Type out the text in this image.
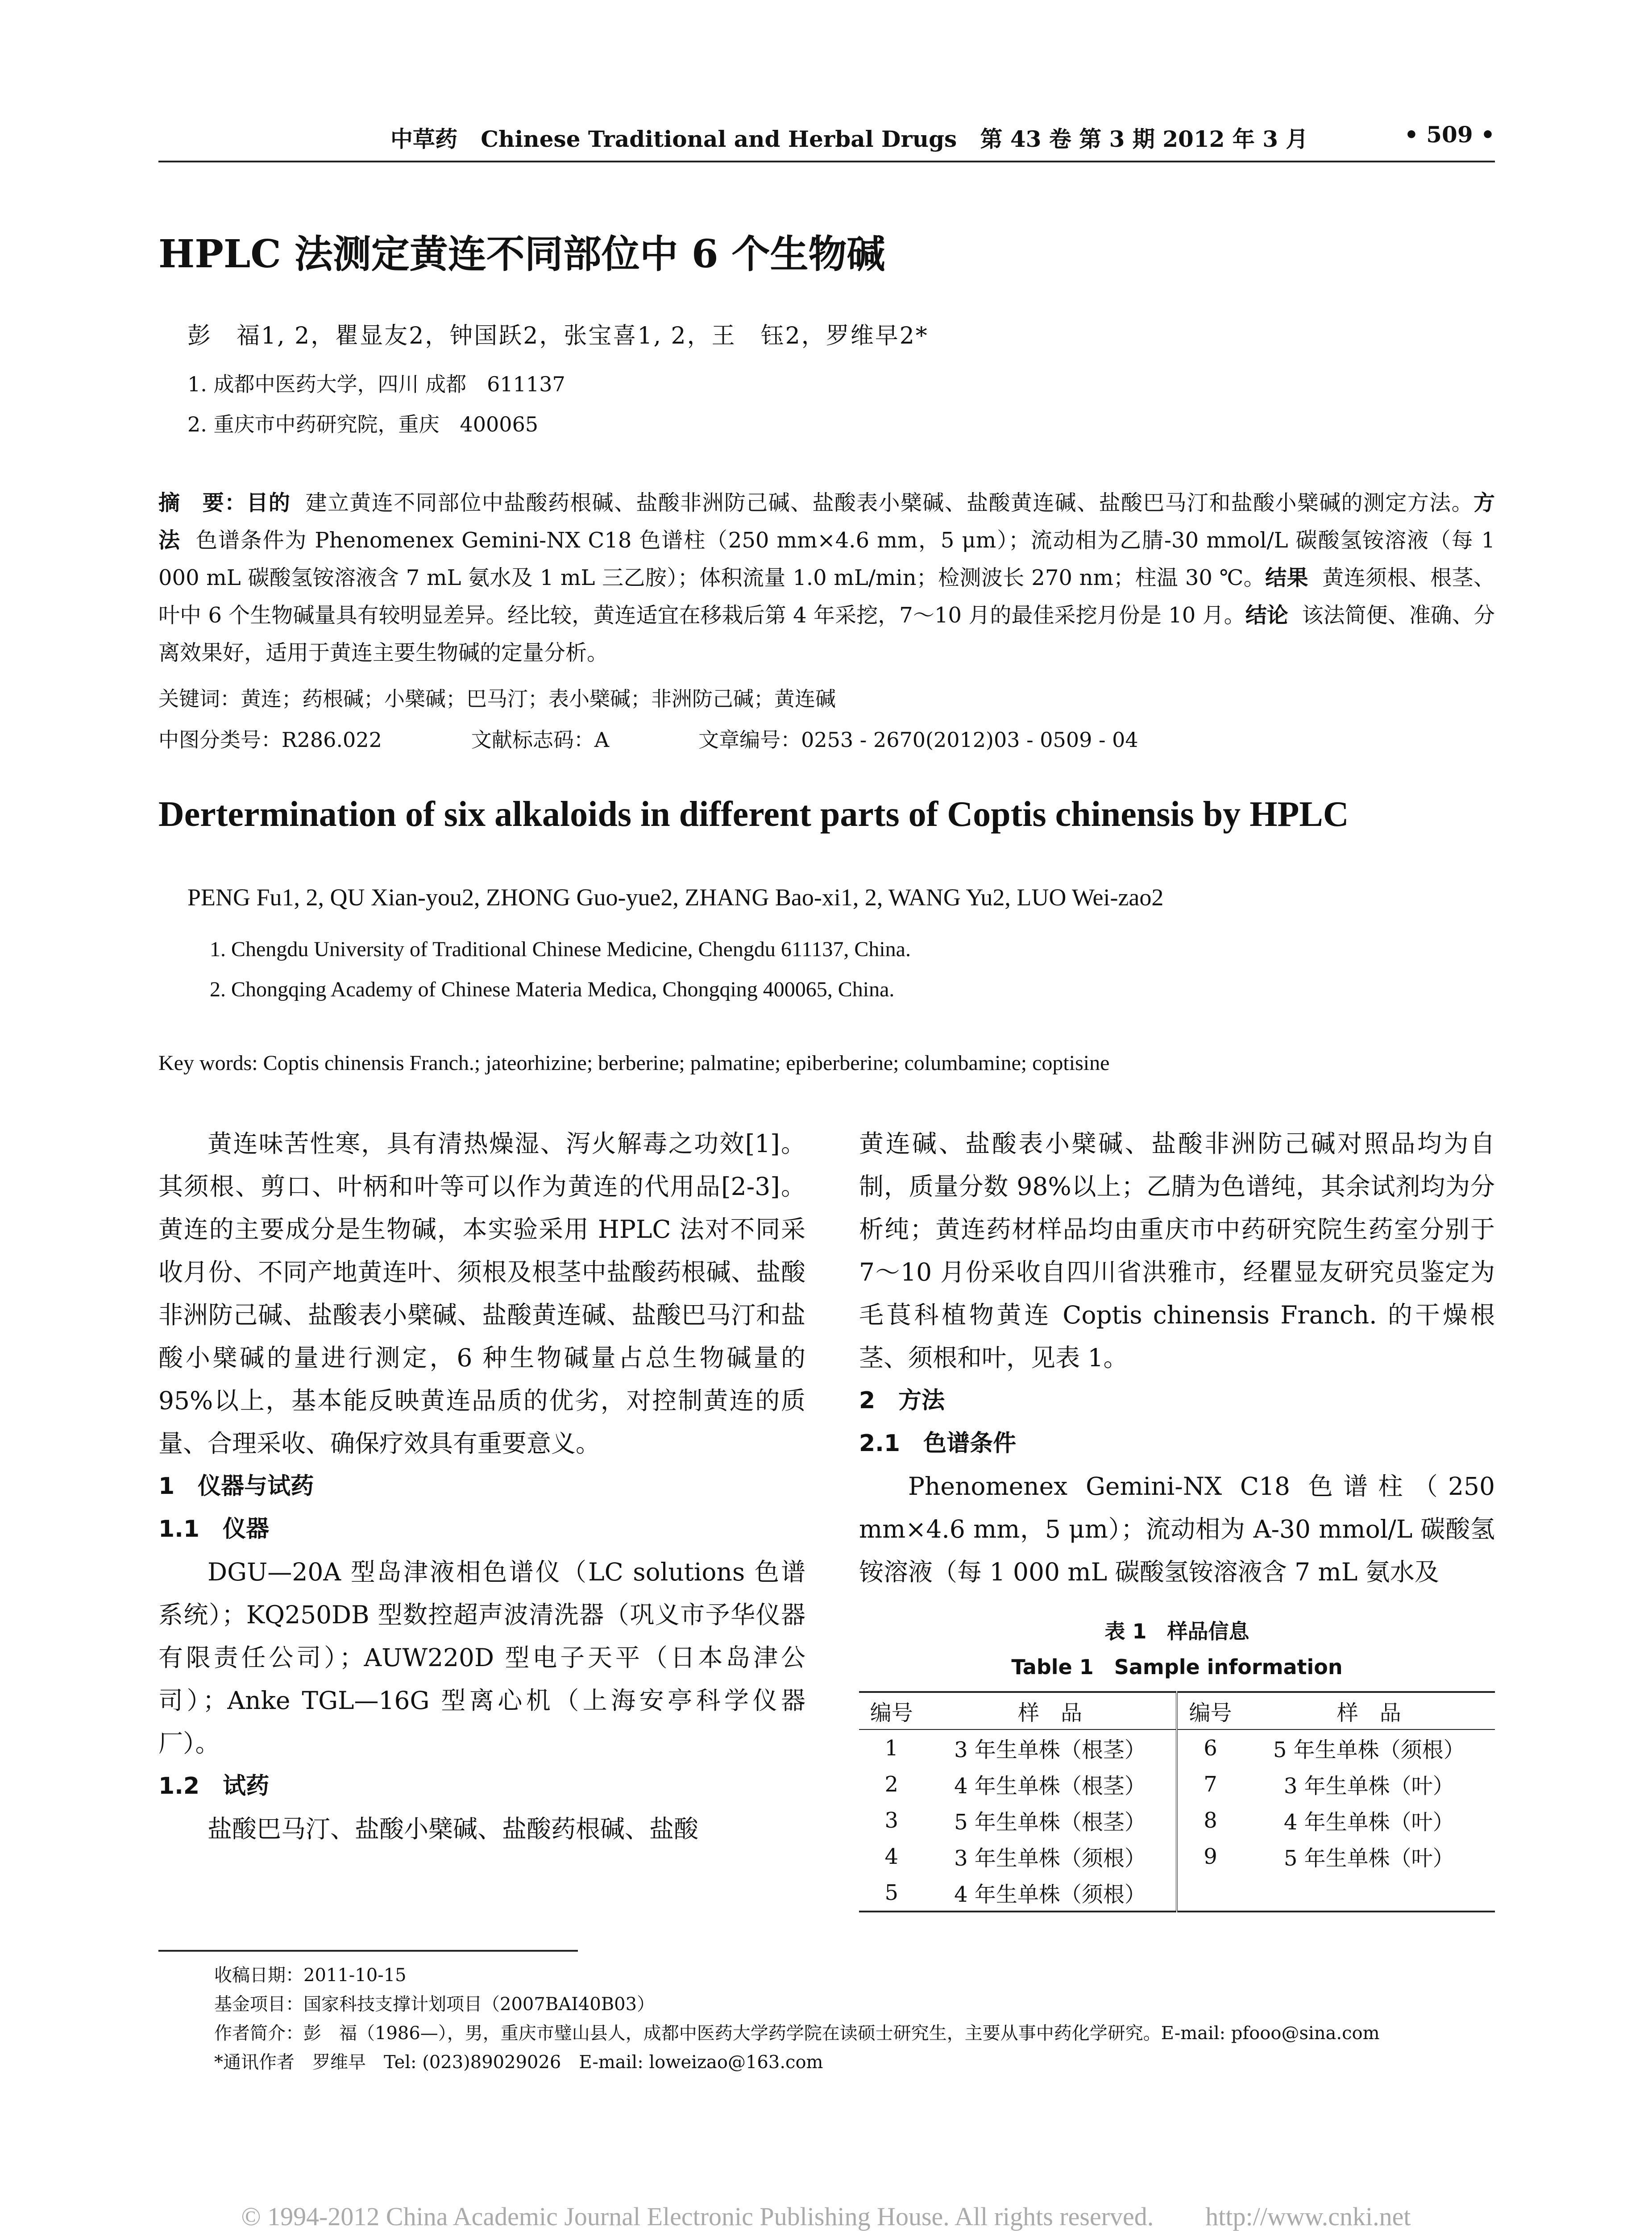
中草药 Chinese Traditional and Herbal Drugs 第 43 卷 第 3 期 2012 年 3 月	• 509 •
HPLC 法测定黄连不同部位中 6 个生物碱
彭　福1, 2，瞿显友2，钟国跃2，张宝喜1, 2，王　钰2，罗维早2*
1. 成都中医药大学，四川 成都　611137
2. 重庆市中药研究院，重庆　400065
摘　要：目的 建立黄连不同部位中盐酸药根碱、盐酸非洲防己碱、盐酸表小檗碱、盐酸黄连碱、盐酸巴马汀和盐酸小檗碱的测定方法。方法 色谱条件为 Phenomenex Gemini-NX C18 色谱柱（250 mm×4.6 mm，5 μm）；流动相为乙腈-30 mmol/L 碳酸氢铵溶液（每 1 000 mL 碳酸氢铵溶液含 7 mL 氨水及 1 mL 三乙胺）；体积流量 1.0 mL/min；检测波长 270 nm；柱温 30 ℃。结果 黄连须根、根茎、叶中 6 个生物碱量具有较明显差异。经比较，黄连适宜在移栽后第 4 年采挖，7～10 月的最佳采挖月份是 10 月。结论 该法简便、准确、分离效果好，适用于黄连主要生物碱的定量分析。
关键词：黄连；药根碱；小檗碱；巴马汀；表小檗碱；非洲防己碱；黄连碱
中图分类号：R286.022	文献标志码：A	文章编号：0253 - 2670(2012)03 - 0509 - 04
Dertermination of six alkaloids in different parts of Coptis chinensis by HPLC
PENG Fu1, 2, QU Xian-you2, ZHONG Guo-yue2, ZHANG Bao-xi1, 2, WANG Yu2, LUO Wei-zao2
1. Chengdu University of Traditional Chinese Medicine, Chengdu 611137, China.
2. Chongqing Academy of Chinese Materia Medica, Chongqing 400065, China.
Key words: Coptis chinensis Franch.; jateorhizine; berberine; palmatine; epiberberine; columbamine; coptisine

黄连味苦性寒，具有清热燥湿、泻火解毒之功效[1]。其须根、剪口、叶柄和叶等可以作为黄连的代用品[2-3]。黄连的主要成分是生物碱，本实验采用 HPLC 法对不同采收月份、不同产地黄连叶、须根及根茎中盐酸药根碱、盐酸非洲防己碱、盐酸表小檗碱、盐酸黄连碱、盐酸巴马汀和盐酸小檗碱的量进行测定，6 种生物碱量占总生物碱量的 95%以上，基本能反映黄连品质的优劣，对控制黄连的质量、合理采收、确保疗效具有重要意义。

1　仪器与试药

1.1　仪器

DGU—20A 型岛津液相色谱仪（LC solutions 色谱系统）；KQ250DB 型数控超声波清洗器（巩义市予华仪器有限责任公司）；AUW220D 型电子天平（日本岛津公司）；Anke TGL—16G 型离心机（上海安亭科学仪器厂）。

1.2　试药

盐酸巴马汀、盐酸小檗碱、盐酸药根碱、盐酸

黄连碱、盐酸表小檗碱、盐酸非洲防己碱对照品均为自制，质量分数 98%以上；乙腈为色谱纯，其余试剂均为分析纯；黄连药材样品均由重庆市中药研究院生药室分别于 7～10 月份采收自四川省洪雅市，经瞿显友研究员鉴定为毛茛科植物黄连 Coptis chinensis Franch. 的干燥根茎、须根和叶，见表 1。

2　方法

2.1　色谱条件

Phenomenex Gemini-NX C18 色谱柱（250 mm×4.6 mm，5 μm）；流动相为 A-30 mmol/L 碳酸氢铵溶液（每 1 000 mL 碳酸氢铵溶液含 7 mL 氨水及

表 1　样品信息
Table 1　Sample information
编号	样　品	编号	样　品
1	3 年生单株（根茎）	6	5 年生单株（须根）
2	4 年生单株（根茎）	7	3 年生单株（叶）
3	5 年生单株（根茎）	8	4 年生单株（叶）
4	3 年生单株（须根）	9	5 年生单株（叶）
5	4 年生单株（须根）		
收稿日期：2011-10-15
基金项目：国家科技支撑计划项目（2007BAI40B03）
作者简介：彭　福（1986—），男，重庆市璧山县人，成都中医药大学药学院在读硕士研究生，主要从事中药化学研究。E-mail: pfooo@sina.com
*通讯作者　罗维早　Tel: (023)89029026　E-mail: loweizao@163.com
© 1994-2012 China Academic Journal Electronic Publishing House. All rights reserved.　　http://www.cnki.net
